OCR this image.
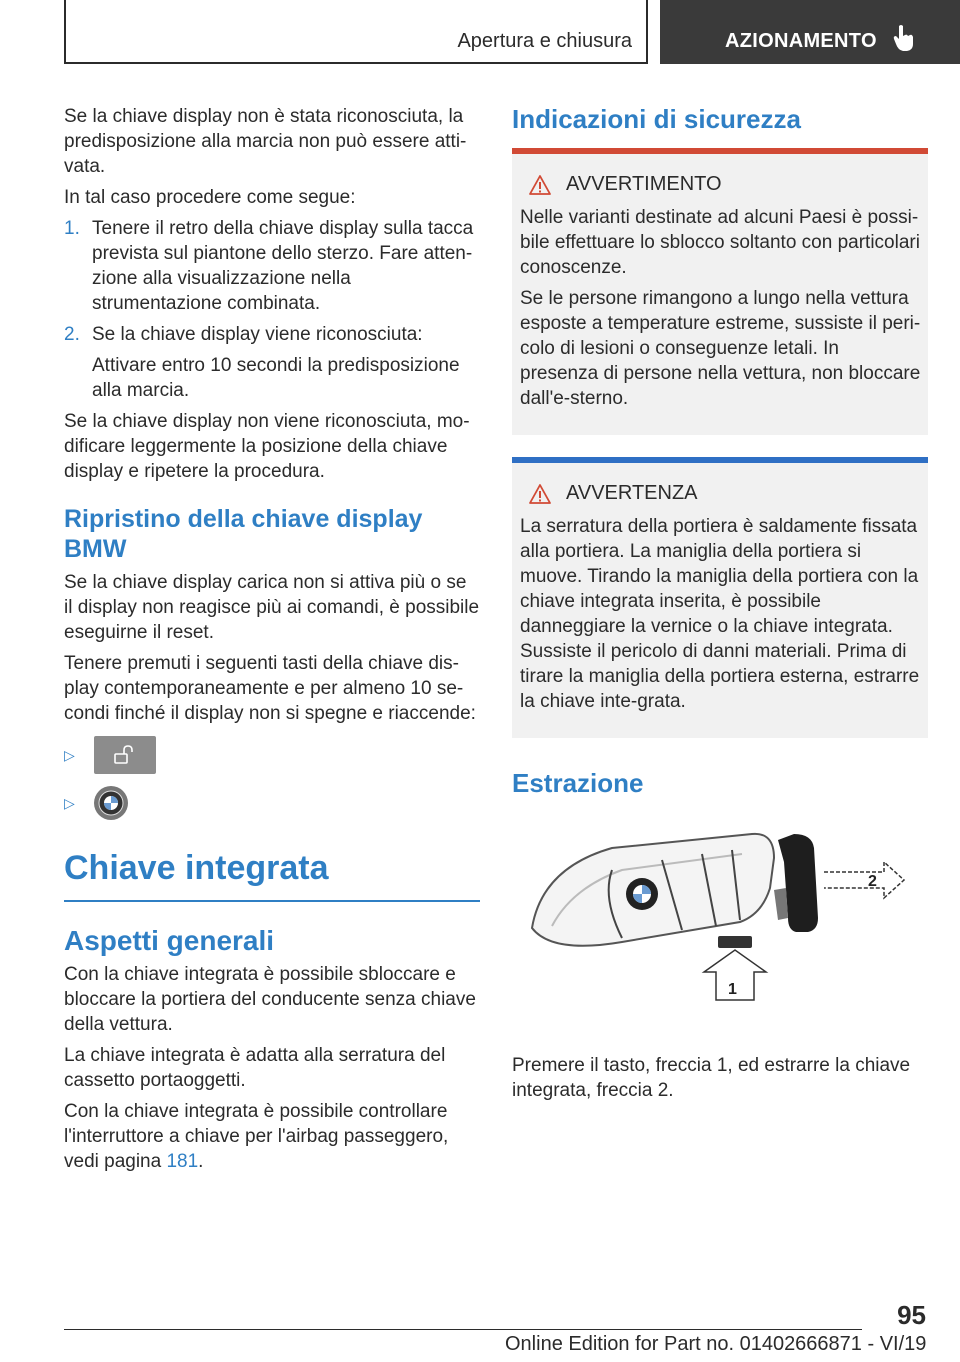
Apertura e chiusura	AZIONAMENTO

Se la chiave display non è stata riconosciuta, la predisposizione alla marcia non può essere atti-vata.

In tal caso procedere come segue:

1. Tenere il retro della chiave display sulla tacca prevista sul piantone dello sterzo. Fare atten-zione alla visualizzazione nella strumentazione combinata.
2. Se la chiave display viene riconosciuta:

Attivare entro 10 secondi la predisposizione alla marcia.

Se la chiave display non viene riconosciuta, mo-dificare leggermente la posizione della chiave display e ripetere la procedura.

Ripristino della chiave display BMW

Se la chiave display carica non si attiva più o se il display non reagisce più ai comandi, è possibile eseguirne il reset.

Tenere premuti i seguenti tasti della chiave dis-play contemporaneamente e per almeno 10 se-condi finché il display non si spegne e riaccende:

▷
▷
Chiave integrata
Aspetti generali

Con la chiave integrata è possibile sbloccare e bloccare la portiera del conducente senza chiave della vettura.

La chiave integrata è adatta alla serratura del cassetto portaoggetti.

Con la chiave integrata è possibile controllare l'interruttore a chiave per l'airbag passeggero, vedi pagina 181.

Indicazioni di sicurezza
AVVERTIMENTO

Nelle varianti destinate ad alcuni Paesi è possi-bile effettuare lo sblocco soltanto con particolari conoscenze.

Se le persone rimangono a lungo nella vettura esposte a temperature estreme, sussiste il peri-colo di lesioni o conseguenze letali. In presenza di persone nella vettura, non bloccare dall'e-sterno.

AVVERTENZA

La serratura della portiera è saldamente fissata alla portiera. La maniglia della portiera si muove. Tirando la maniglia della portiera con la chiave integrata inserita, è possibile danneggiare la vernice o la chiave integrata. Sussiste il pericolo di danni materiali. Prima di tirare la maniglia della portiera esterna, estrarre la chiave inte-grata.

Estrazione
2
1

Premere il tasto, freccia 1, ed estrarre la chiave integrata, freccia 2.

95
Online Edition for Part no. 01402666871 - VI/19
